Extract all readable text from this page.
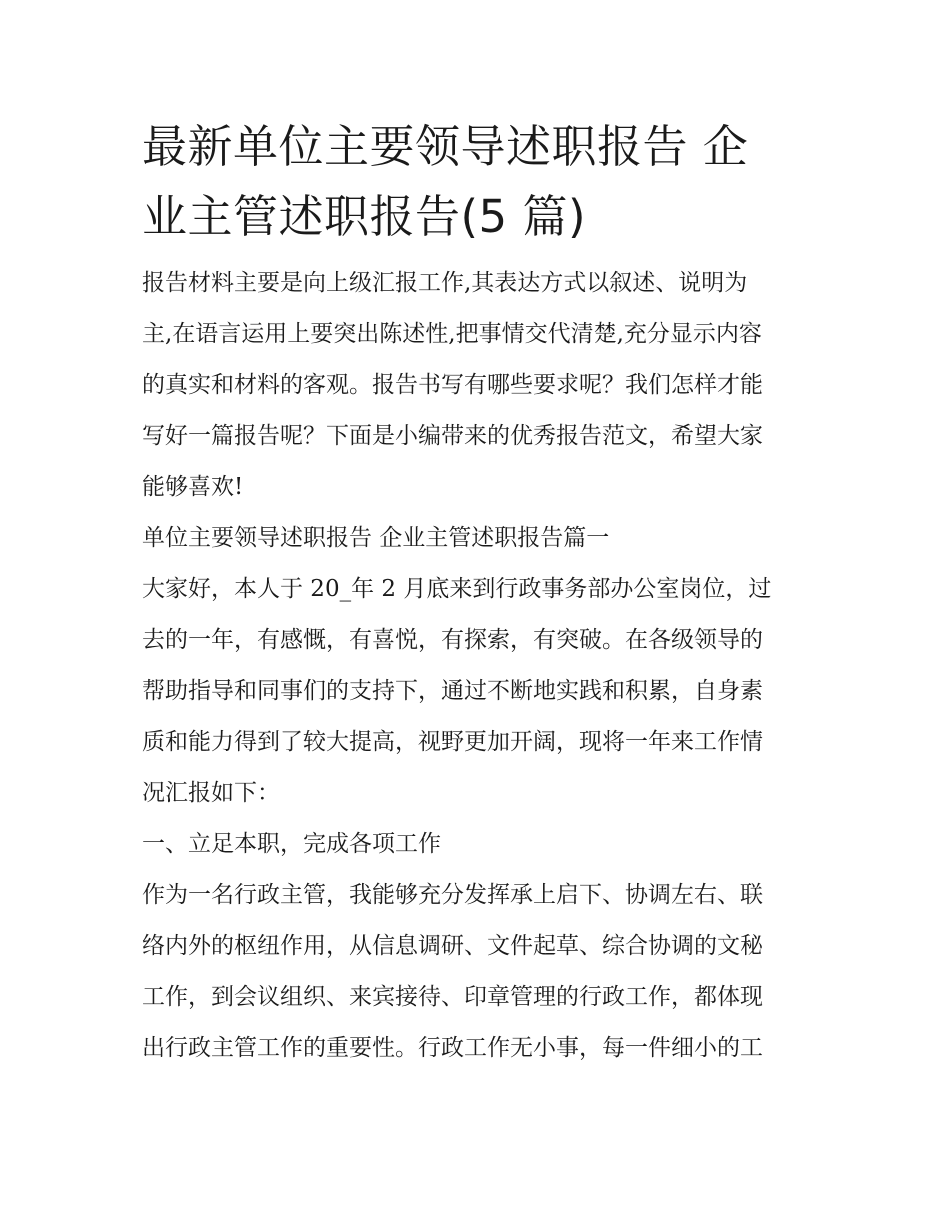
最新单位主要领导述职报告 企
业主管述职报告(5 篇)
报告材料主要是向上级汇报工作,其表达方式以叙述、说明为
主,在语言运用上要突出陈述性,把事情交代清楚,充分显示内容
的真实和材料的客观。报告书写有哪些要求呢？我们怎样才能
写好一篇报告呢？下面是小编带来的优秀报告范文，希望大家
能够喜欢!
单位主要领导述职报告 企业主管述职报告篇一
大家好，本人于 20_年 2 月底来到行政事务部办公室岗位，过
去的一年，有感慨，有喜悦，有探索，有突破。在各级领导的
帮助指导和同事们的支持下，通过不断地实践和积累，自身素
质和能力得到了较大提高，视野更加开阔，现将一年来工作情
况汇报如下：
一、立足本职，完成各项工作
作为一名行政主管，我能够充分发挥承上启下、协调左右、联
络内外的枢纽作用，从信息调研、文件起草、综合协调的文秘
工作，到会议组织、来宾接待、印章管理的行政工作，都体现
出行政主管工作的重要性。行政工作无小事，每一件细小的工
